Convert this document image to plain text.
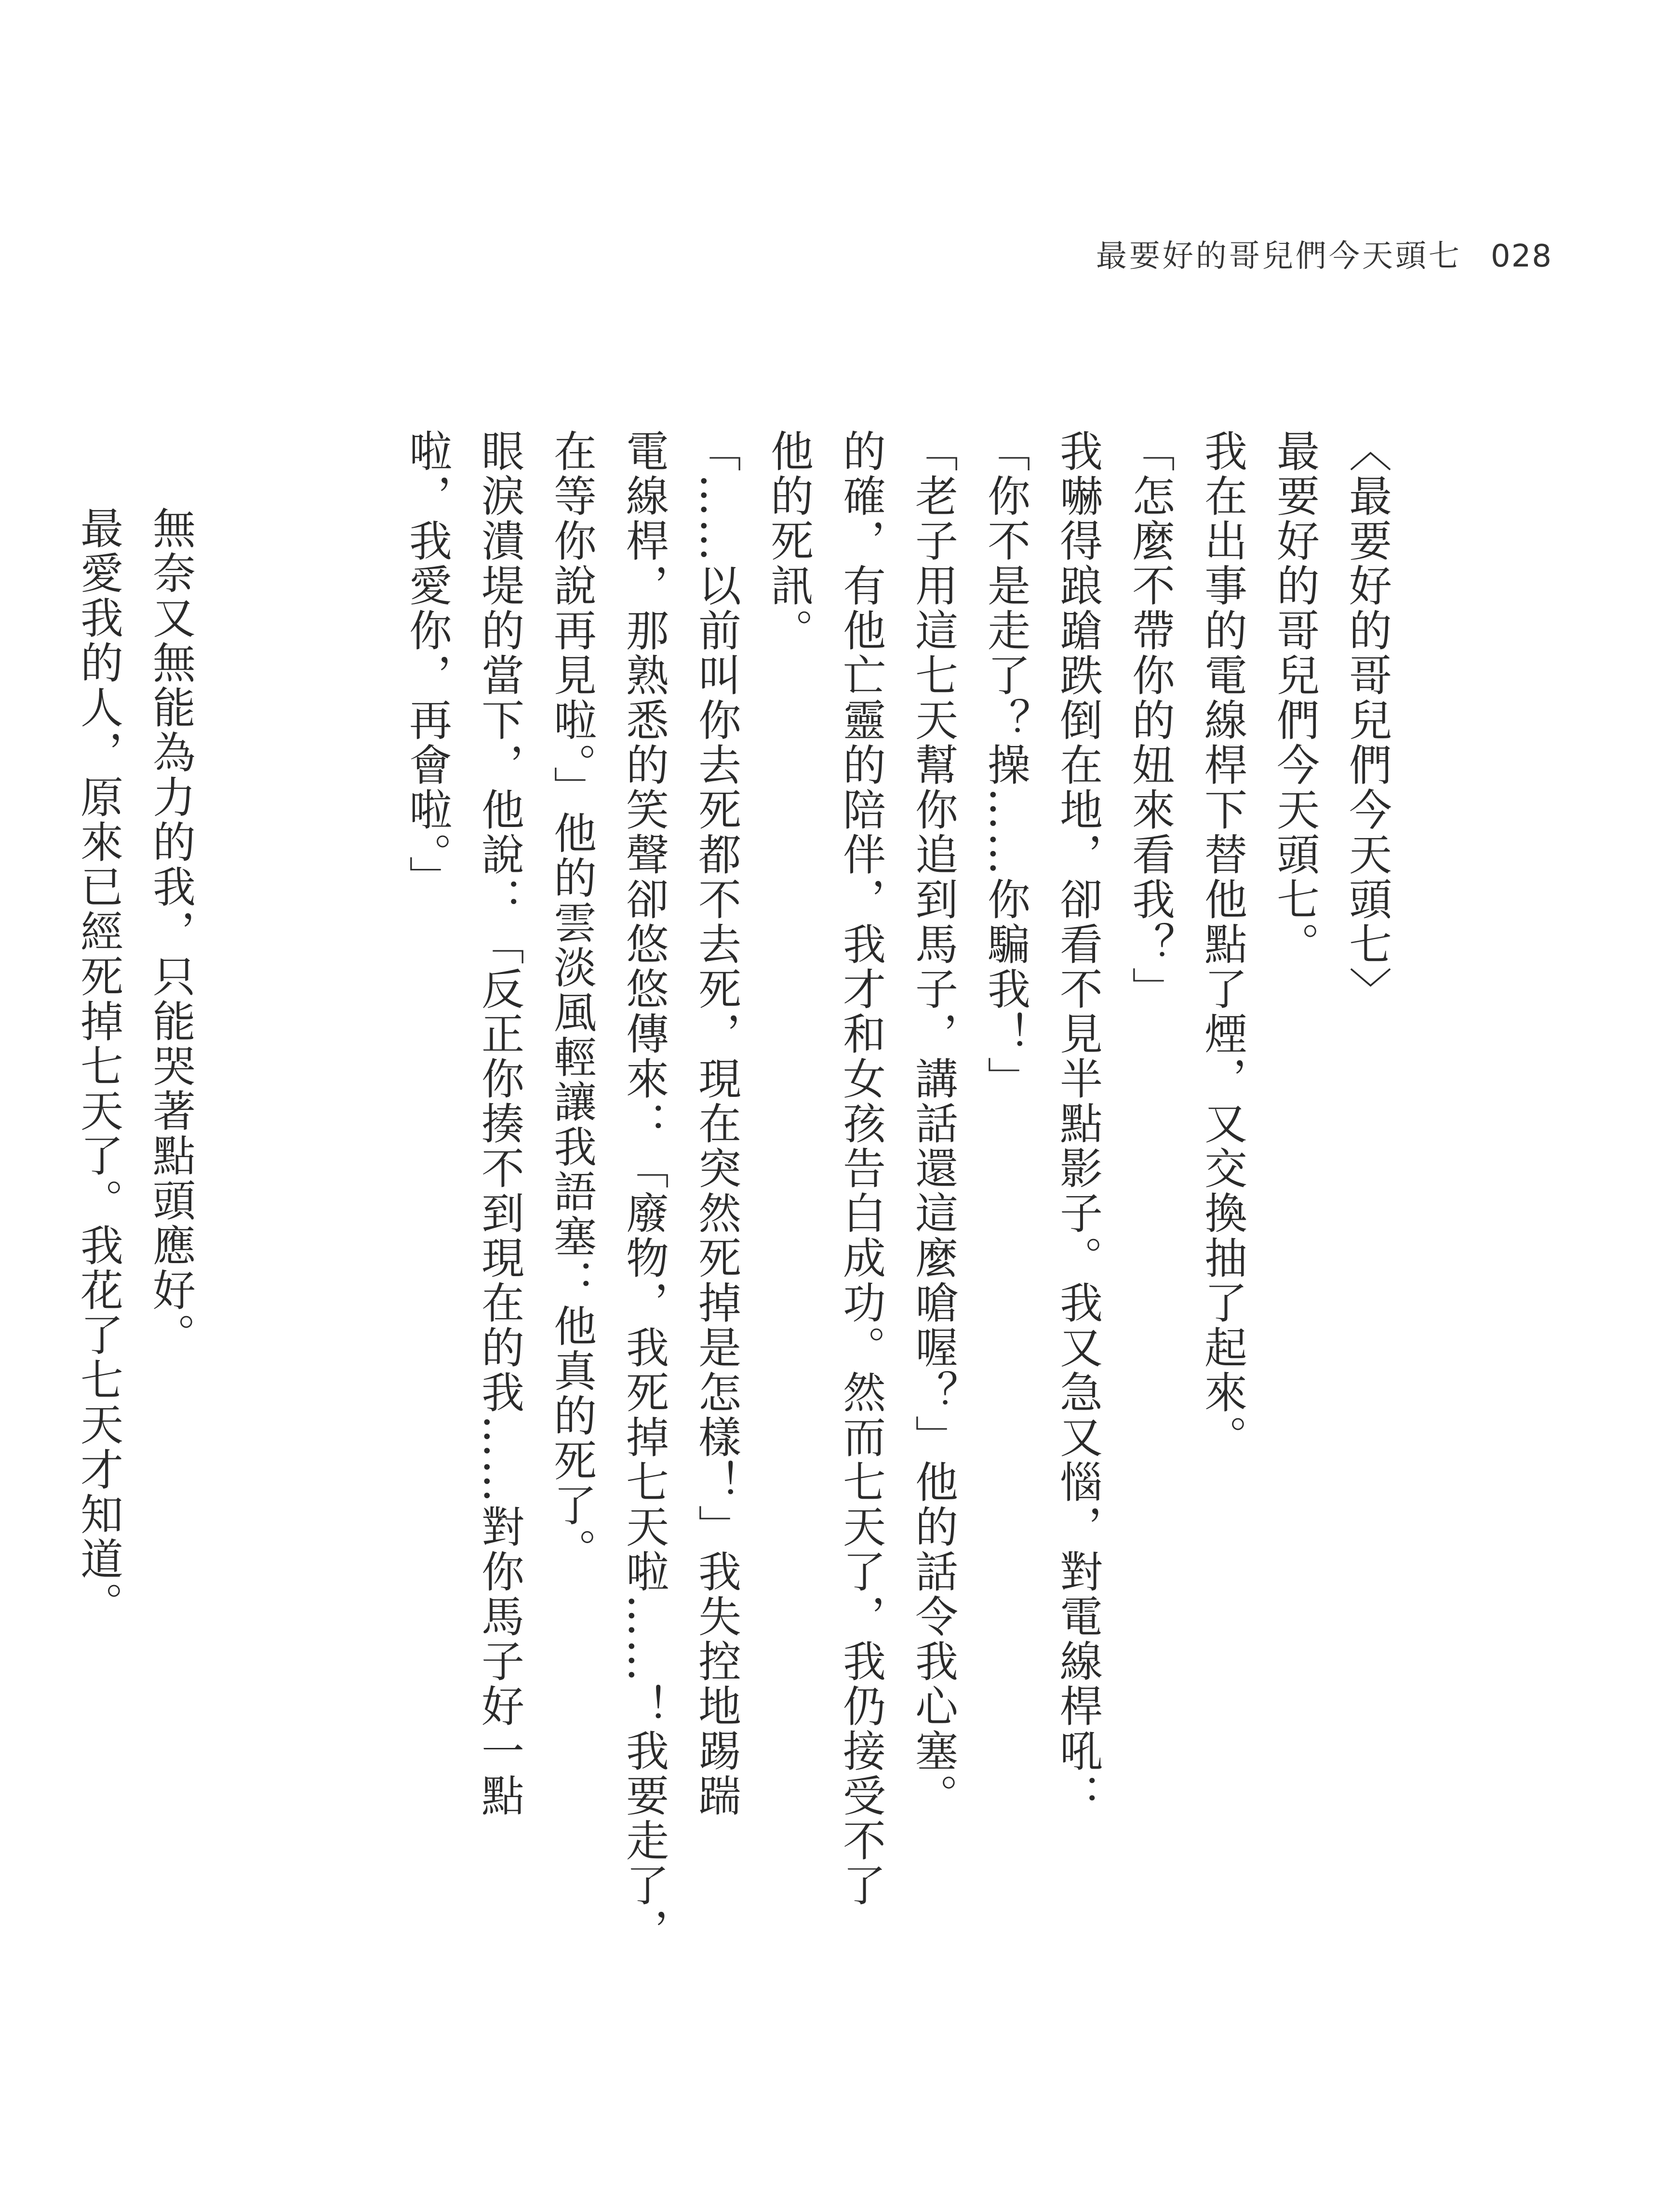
最要好的哥兒們今天頭七 028

〈最要好的哥兒們今天頭七〉

最要好的哥兒們今天頭七。

我在出事的電線桿下替他點了煙，又交換抽了起來。

「怎麼不帶你的妞來看我？」

我嚇得踉蹌跌倒在地，卻看不見半點影子。我又急又惱，對電線桿吼：

「你不是走了？操……你騙我！」

「老子用這七天幫你追到馬子，講話還這麼嗆喔？」他的話令我心塞。

的確，有他亡靈的陪伴，我才和女孩告白成功。然而七天了，我仍接受不了

他的死訊。

「……以前叫你去死都不去死，現在突然死掉是怎樣！」我失控地踢踹

電線桿，那熟悉的笑聲卻悠悠傳來：「廢物，我死掉七天啦……！我要走了，

在等你說再見啦。」他的雲淡風輕讓我語塞：他真的死了。

眼淚潰堤的當下，他說：「反正你揍不到現在的我……對你馬子好一點

啦，我愛你，再會啦。」

無奈又無能為力的我，只能哭著點頭應好。

最愛我的人，原來已經死掉七天了。我花了七天才知道。
